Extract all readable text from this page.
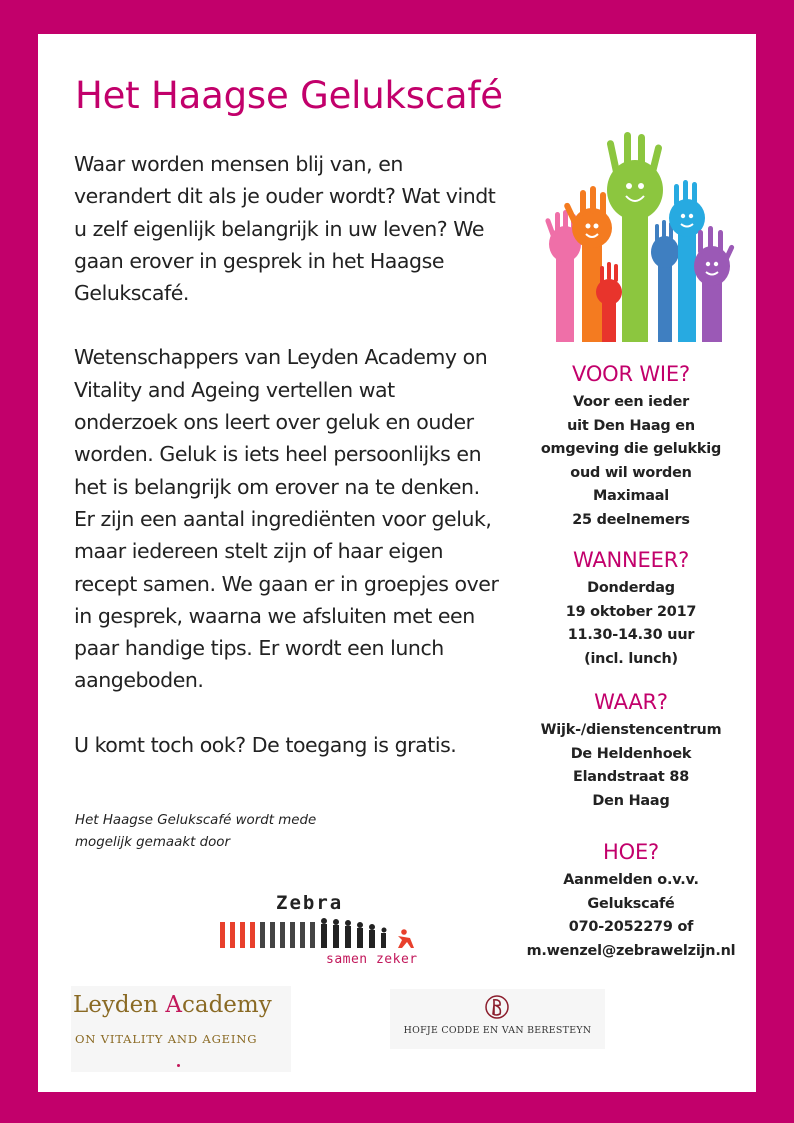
Het Haagse Gelukscafé

Waar worden mensen blij van, en verandert dit als je ouder wordt? Wat vindt u zelf eigenlijk belangrijk in uw leven? We gaan erover in gesprek in het Haagse Gelukscafé.

Wetenschappers van Leyden Academy on Vitality and Ageing vertellen wat onderzoek ons leert over geluk en ouder worden. Geluk is iets heel persoonlijks en het is belangrijk om erover na te denken. Er zijn een aantal ingrediënten voor geluk, maar iedereen stelt zijn of haar eigen recept samen. We gaan er in groepjes over in gesprek, waarna we afsluiten met een paar handige tips. Er wordt een lunch aangeboden.

U komt toch ook? De toegang is gratis.

Het Haagse Gelukscafé wordt mede mogelijk gemaakt door
VOOR WIE?
Voor een ieder
uit Den Haag en
omgeving die gelukkig
oud wil worden
Maximaal
25 deelnemers
WANNEER?
Donderdag
19 oktober 2017
11.30-14.30 uur
(incl. lunch)
WAAR?
Wijk-/dienstencentrum
De Heldenhoek
Elandstraat 88
Den Haag
HOE?
Aanmelden o.v.v.
Gelukscafé
070-2052279 of
m.wenzel@zebrawelzijn.nl
Zebra
samen zeker
Leyden Academy
ON VITALITY AND AGEING
HOFJE CODDE EN VAN BERESTEYN
